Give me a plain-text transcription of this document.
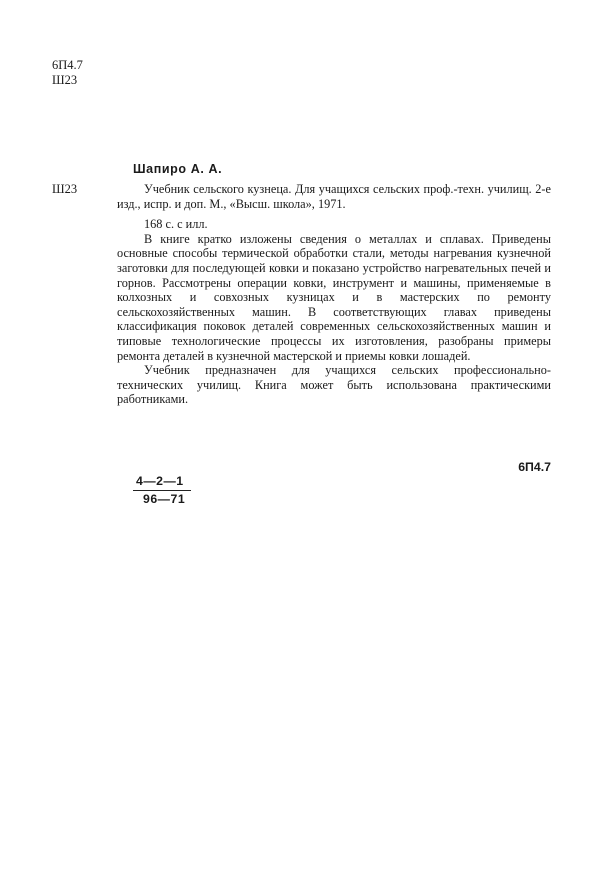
6П4.7
Ш23
Шапиро А. А.
Ш23	Учебник сельского кузнеца. Для учащихся сельских проф.-техн. училищ. 2-е изд., испр. и доп. М., «Высш. школа», 1971.

168 с. с илл.

В книге кратко изложены сведения о металлах и сплавах. Приведены основные способы термической обработки стали, методы нагревания кузнечной заготовки для последующей ковки и показано устройство нагревательных печей и горнов. Рассмотрены операции ковки, инструмент и машины, применяемые в колхозных и совхозных кузницах и в мастерских по ремонту сельскохозяйственных машин. В соответствующих главах приведены классификация поковок деталей современных сельскохозяйственных машин и типовые технологические процессы их изготовления, разобраны примеры ремонта деталей в кузнечной мастерской и приемы ковки лошадей.

Учебник предназначен для учащихся сельских профессионально-технических училищ. Книга может быть использована практическими работниками.

6П4.7
4—2—1
96—71
